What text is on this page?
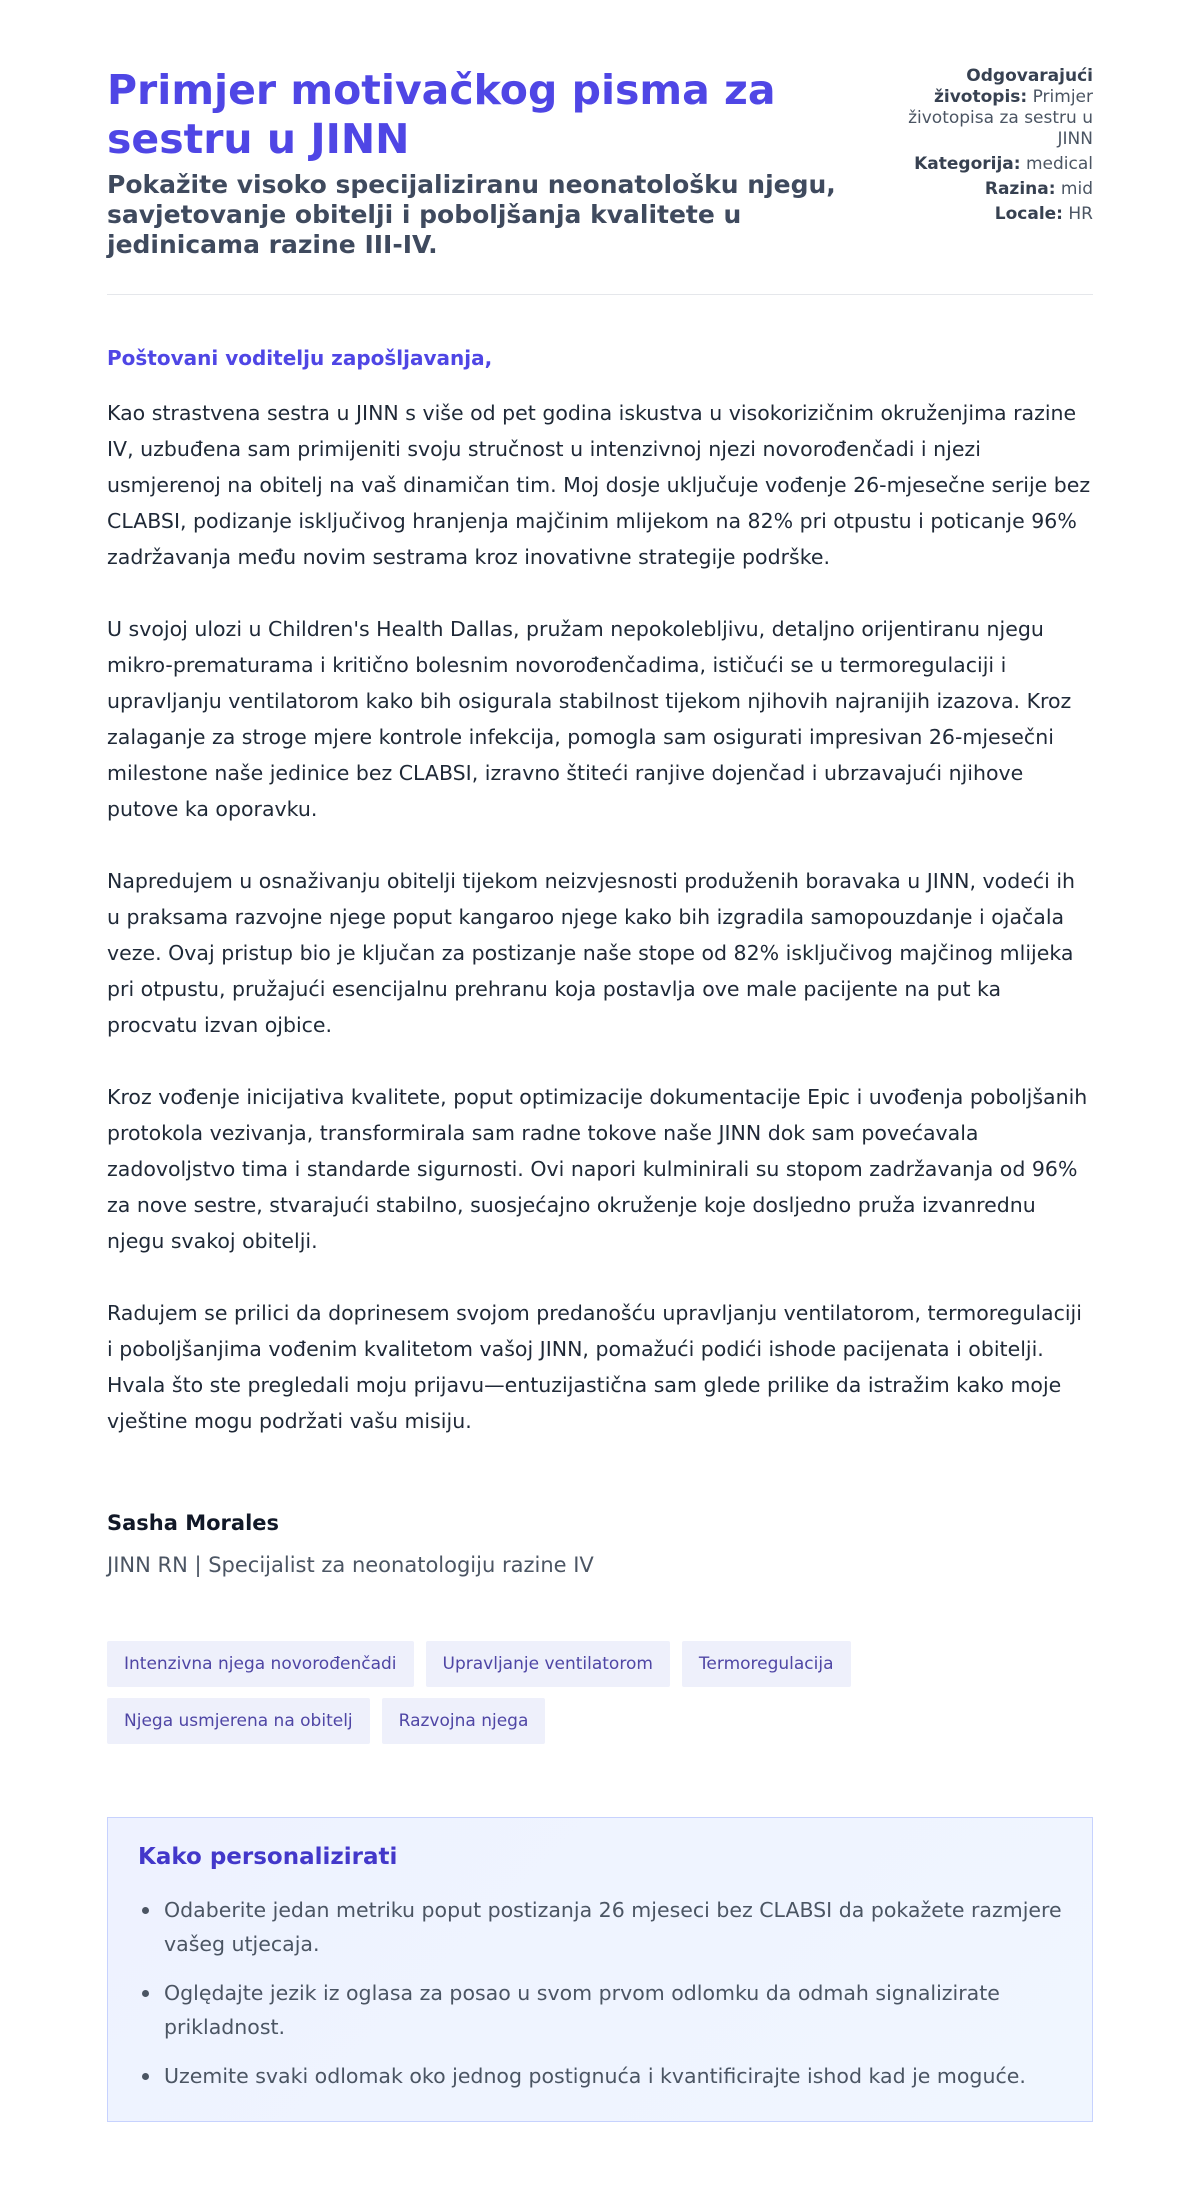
Primjer motivačkog pisma za sestru u JINN
Pokažite visoko specijaliziranu neonatološku njegu, savjetovanje obitelji i poboljšanja kvalitete u jedinicama razine III-IV.
Odgovarajući životopis: Primjer životopisa za sestru u JINN
Kategorija: medical
Razina: mid
Locale: HR

Poštovani voditelju zapošljavanja,

Kao strastvena sestra u JINN s više od pet godina iskustva u visokorizičnim okruženjima razine IV, uzbuđena sam primijeniti svoju stručnost u intenzivnoj njezi novorođenčadi i njezi usmjerenoj na obitelj na vaš dinamičan tim. Moj dosje uključuje vođenje 26-mjesečne serije bez CLABSI, podizanje isključivog hranjenja majčinim mlijekom na 82% pri otpustu i poticanje 96% zadržavanja među novim sestrama kroz inovativne strategije podrške.

U svojoj ulozi u Children's Health Dallas, pružam nepokolebljivu, detaljno orijentiranu njegu mikro-prematurama i kritično bolesnim novorođenčadima, ističući se u termoregulaciji i upravljanju ventilatorom kako bih osigurala stabilnost tijekom njihovih najranijih izazova. Kroz zalaganje za stroge mjere kontrole infekcija, pomogla sam osigurati impresivan 26-mjesečni milestone naše jedinice bez CLABSI, izravno štiteći ranjive dojenčad i ubrzavajući njihove putove ka oporavku.

Napredujem u osnaživanju obitelji tijekom neizvjesnosti produženih boravaka u JINN, vodeći ih u praksama razvojne njege poput kangaroo njege kako bih izgradila samopouzdanje i ojačala veze. Ovaj pristup bio je ključan za postizanje naše stope od 82% isključivog majčinog mlijeka pri otpustu, pružajući esencijalnu prehranu koja postavlja ove male pacijente na put ka procvatu izvan ojbice.

Kroz vođenje inicijativa kvalitete, poput optimizacije dokumentacije Epic i uvođenja poboljšanih protokola vezivanja, transformirala sam radne tokove naše JINN dok sam povećavala zadovoljstvo tima i standarde sigurnosti. Ovi napori kulminirali su stopom zadržavanja od 96% za nove sestre, stvarajući stabilno, suosjećajno okruženje koje dosljedno pruža izvanrednu njegu svakoj obitelji.

Radujem se prilici da doprinesem svojom predanošću upravljanju ventilatorom, termoregulaciji i poboljšanjima vođenim kvalitetom vašoj JINN, pomažući podići ishode pacijenata i obitelji. Hvala što ste pregledali moju prijavu—entuzijastična sam glede prilike da istražim kako moje vještine mogu podržati vašu misiju.

Sasha Morales
JINN RN | Specijalist za neonatologiju razine IV
Intenzivna njega novorođenčadi	Upravljanje ventilatorom	Termoregulacija
Njega usmjerena na obitelj	Razvojna njega
Kako personalizirati
Odaberite jedan metriku poput postizanja 26 mjeseci bez CLABSI da pokažete razmjere vašeg utjecaja.
Oględajte jezik iz oglasa za posao u svom prvom odlomku da odmah signalizirate prikladnost.
Uzemite svaki odlomak oko jednog postignuća i kvantificirajte ishod kad je moguće.
